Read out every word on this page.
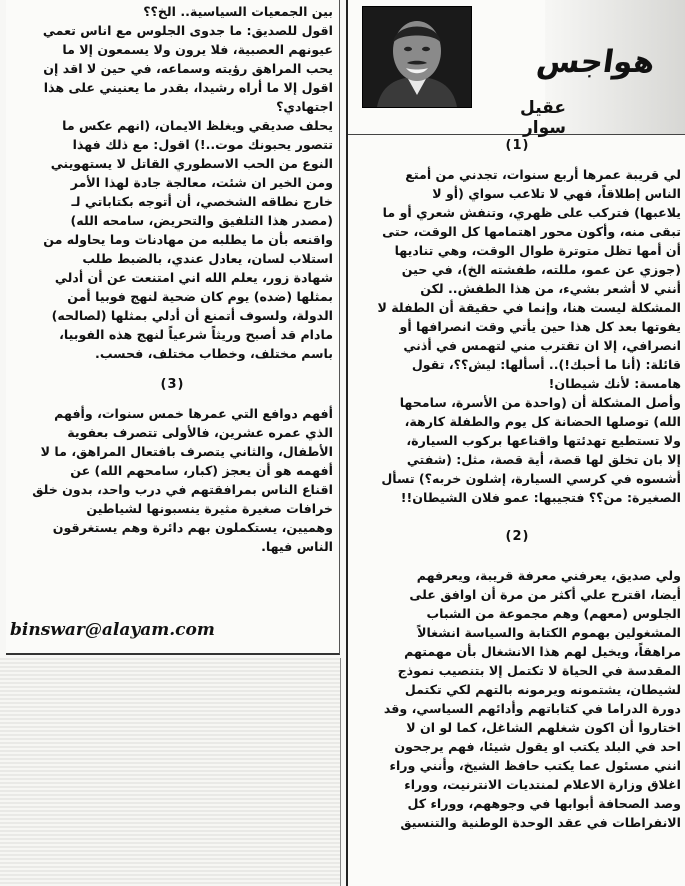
بين الجمعيات السياسية.. الخ؟؟
اقول للصديق: ما جدوى الجلوس مع اناس تعمي
عيونهم العصبية، فلا يرون ولا يسمعون إلا ما
يحب المراهق رؤيته وسماعه، في حين لا اقد إن
اقول إلا ما أراه رشيدا، بقدر ما يعنيني على هذا
اجتهادي؟

يحلف صديقي ويغلظ الايمان، (انهم عكس ما
تتصور يحبونك موت..!) اقول: مع ذلك فهذا
النوع من الحب الاسطوري القاتل لا يستهويني
ومن الخير ان شئت، معالجة جادة لهذا الأمر
خارج نطاقه الشخصي، أن أتوجه بكتاباتي لـ
(مصدر هذا التلفيق والتحريض، سامحه الله)
واقنعه بأن ما يطلبه من مهادنات وما يحاوله من
استلاب لسان، يعادل عندي، بالضبط طلب
شهادة زور، يعلم الله اني امتنعت عن أن أدلي
بمثلها (ضده) يوم كان ضحية لنهج فوبيا أمن
الدولة، ولسوف أتمنع أن أدلي بمثلها (لصالحه)
مادام قد أصبح وريثاً شرعياً لنهج هذه الفوبيا،
باسم مختلف، وخطاب مختلف، فحسب.

(3)

أفهم دوافع التي عمرها خمس سنوات، وأفهم
الذي عمره عشرين، فالأولى تتصرف بعفوية
الأطفال، والثاني يتصرف بافتعال المراهق، ما لا
أفهمه هو أن يعجز (كبار، سامحهم الله) عن
اقناع الناس بمرافقتهم في درب واحد، بدون خلق
خرافات صغيرة مثيرة ينسبونها لشياطين
وهميين، يستكملون بهم دائرة وهم يستغرقون
الناس فيها.

binswar@alayam.com
هواجس
عقيل سوار
(1)

لي قريبة عمرها أربع سنوات، تجدني من أمتع
الناس إطلاقاً، فهي لا تلاعب سواي (أو لا
يلاعبها) فتركب على ظهري، وتنفش شعري أو ما
تبقى منه، وأكون محور اهتمامها كل الوقت، حتى
أن أمها تظل متوترة طوال الوقت، وهي تناديها
(جوزي عن عمو، مللته، طفشته الخ)، في حين
أنني لا أشعر بشيء، من هذا الطفش.. لكن
المشكلة ليست هنا، وإنما في حقيقة أن الطفلة لا
يفوتها بعد كل هذا حين يأتي وقت انصرافها أو
انصرافي، إلا ان تقترب مني لتهمس في أذني
قائلة: (أنا ما أحبك!).. أسألها: ليش؟؟، تقول
هامسة: لأنك شيطان!

وأصل المشكلة أن (واحدة من الأسرة، سامحها
الله) توصلها الحضانة كل يوم والطفلة كارهة،
ولا تستطيع تهدئتها واقناعها بركوب السيارة،
إلا بان تخلق لها قصة، أية قصة، مثل: (شفتي
أشسوه في كرسي السيارة، إشلون خربه؟) تسأل
الصغيرة: من؟؟ فتجيبها: عمو فلان الشيطان!!

(2)

ولي صديق، يعرفني معرفة قريبة، ويعرفهم
أيضا، اقترح علي أكثر من مرة أن اوافق على
الجلوس (معهم) وهم مجموعة من الشباب
المشغولين بهموم الكتابة والسياسة انشغالاً
مراهقاً، ويخيل لهم هذا الانشغال بأن مهمتهم
المقدسة في الحياة لا تكتمل إلا بتنصيب نموذج
لشيطان، يشتمونه ويرمونه بالتهم لكي تكتمل
دورة الدراما في كتاباتهم وأدائهم السياسي، وقد
اختاروا أن اكون شغلهم الشاغل، كما لو ان لا
احد في البلد يكتب او يقول شيئا، فهم يرجحون
انني مسئول عما يكتب حافظ الشيخ، وأنني وراء
اغلاق وزارة الاعلام لمنتديات الانترنيت، ووراء
وصد الصحافة أبوابها في وجوههم، ووراء كل
الانفراطات في عقد الوحدة الوطنية والتنسيق
